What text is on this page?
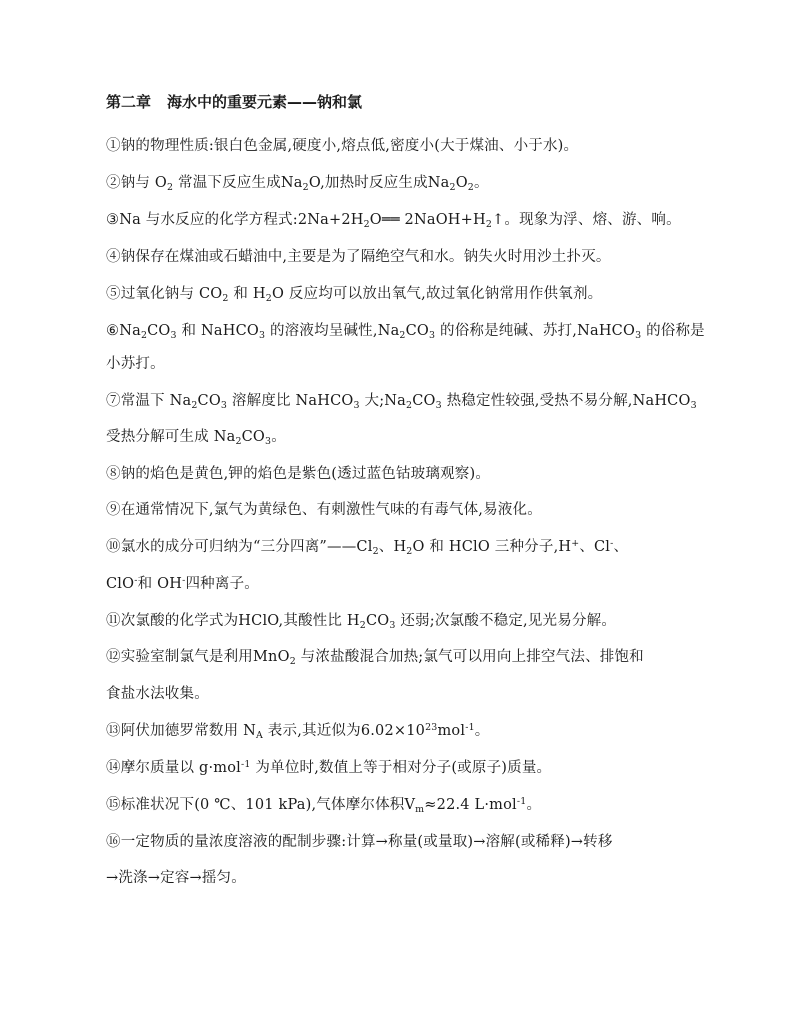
第二章 海水中的重要元素——钠和氯
①钠的物理性质:银白色金属,硬度小,熔点低,密度小(大于煤油、小于水)。
②钠与 $O_2$ 常温下反应生成$Na_2O$,加热时反应生成$Na_2O_2$。
③Na 与水反应的化学方程式$:2Na+2H_2O══$ $2NaOH+H_2↑$。现象为浮、熔、游、响。
④钠保存在煤油或石蜡油中,主要是为了隔绝空气和水。钠失火时用沙土扑灭。
⑤过氧化钠与 $CO_2$ 和 $H_2O$ 反应均可以放出氧气,故过氧化钠常用作供氧剂。
$⑥Na_2CO_3$ 和 NaHCO$_3$ 的溶液均呈碱性$,Na_2CO_3$ 的俗称是纯碱、苏打,NaHCO$_3$ 的俗称是
小苏打。
⑦常温下 $Na_2CO_3$ 溶解度比 NaHCO$_3$ 大$;Na_2CO_3$ 热稳定性较强,受热不易分解,NaHCO$_3$
受热分解可生成 $Na_2CO_3$。
⑧钠的焰色是黄色,钾的焰色是紫色(透过蓝色钴玻璃观察)。
⑨在通常情况下,氯气为黄绿色、有刺激性气味的有毒气体,易液化。
⑩氯水的成分可归纳为“三分四离$”——Cl_2$、$H_2O$ 和 HClO 三种分子,H+、Cl-、
ClO-和 OH-四种离子。
⑪次氯酸的化学式为HClO,其酸性比 $H_2CO_3$ 还弱;次氯酸不稳定,见光易分解。
⑫实验室制氯气是利用MnO$_2$ 与浓盐酸混合加热;氯气可以用向上排空气法、排饱和
食盐水法收集。
⑬阿伏加德罗常数用 $N_A$ 表示,其近似为$6.02\times 10^{23}mol^{-1}$。
⑭摩尔质量以 g·mol$^{-1}$ 为单位时,数值上等于相对分子(或原子)质量。
⑮标准状况下(0 ℃、101 kPa),气体摩尔体积$V_m\approx 22.4$ L·mol$^{-1}$。
⑯一定物质的量浓度溶液的配制步骤:计算→称量(或量取)→溶解(或稀释)→转移
→洗涤→定容→摇匀。
